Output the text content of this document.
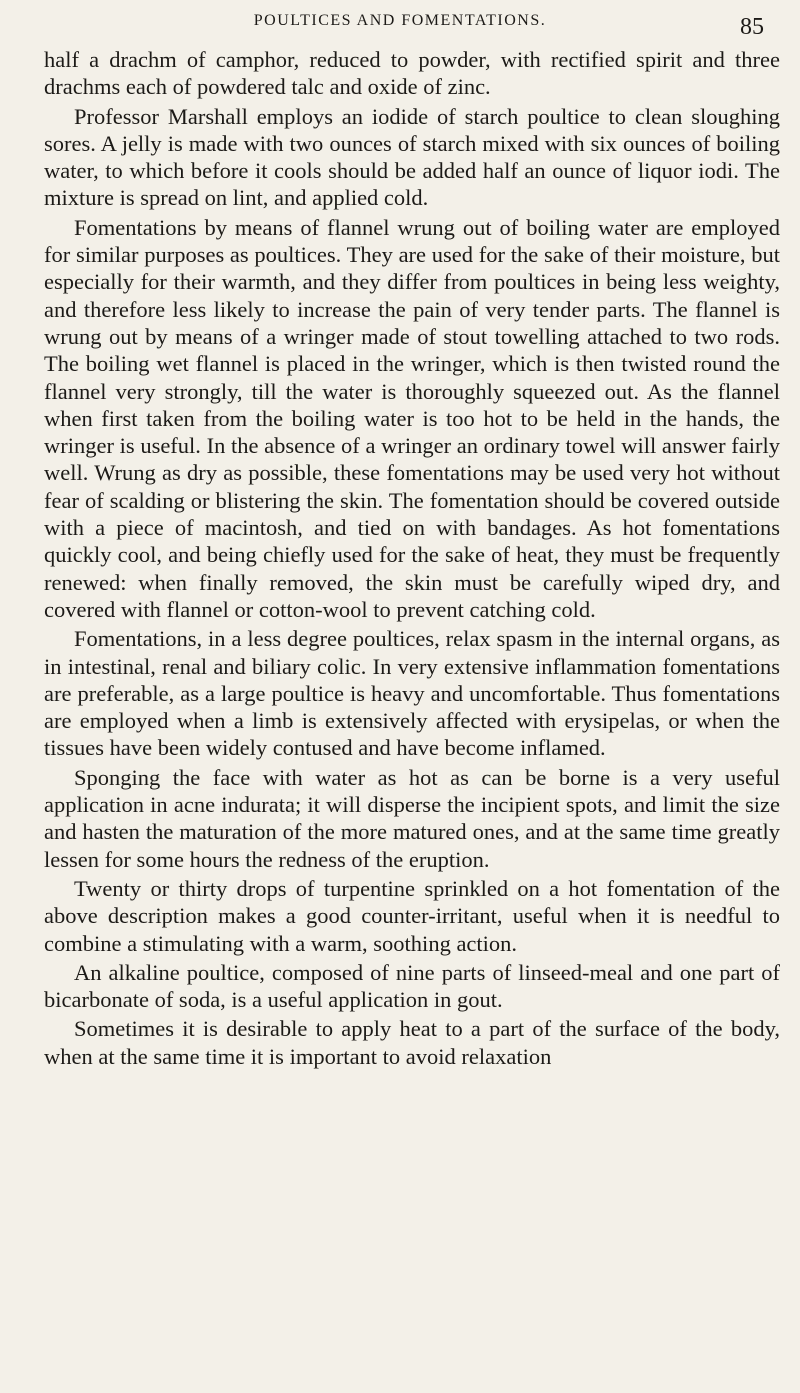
POULTICES AND FOMENTATIONS.	85

half a drachm of camphor, reduced to powder, with rectified spirit and three drachms each of powdered talc and oxide of zinc.

Professor Marshall employs an iodide of starch poultice to clean sloughing sores. A jelly is made with two ounces of starch mixed with six ounces of boiling water, to which before it cools should be added half an ounce of liquor iodi. The mixture is spread on lint, and applied cold.

Fomentations by means of flannel wrung out of boiling water are employed for similar purposes as poultices. They are used for the sake of their moisture, but especially for their warmth, and they differ from poultices in being less weighty, and therefore less likely to increase the pain of very tender parts. The flannel is wrung out by means of a wringer made of stout towelling attached to two rods. The boiling wet flannel is placed in the wringer, which is then twisted round the flannel very strongly, till the water is thoroughly squeezed out. As the flannel when first taken from the boiling water is too hot to be held in the hands, the wringer is useful. In the absence of a wringer an ordinary towel will answer fairly well. Wrung as dry as possible, these fomentations may be used very hot without fear of scalding or blistering the skin. The fomentation should be covered outside with a piece of macintosh, and tied on with bandages. As hot fomentations quickly cool, and being chiefly used for the sake of heat, they must be frequently renewed: when finally removed, the skin must be carefully wiped dry, and covered with flannel or cotton-wool to prevent catching cold.

Fomentations, in a less degree poultices, relax spasm in the internal organs, as in intestinal, renal and biliary colic. In very extensive inflammation fomentations are preferable, as a large poultice is heavy and uncomfortable. Thus fomentations are employed when a limb is extensively affected with erysipelas, or when the tissues have been widely contused and have become inflamed.

Sponging the face with water as hot as can be borne is a very useful application in acne indurata; it will disperse the incipient spots, and limit the size and hasten the maturation of the more matured ones, and at the same time greatly lessen for some hours the redness of the eruption.

Twenty or thirty drops of turpentine sprinkled on a hot fomentation of the above description makes a good counter-irritant, useful when it is needful to combine a stimulating with a warm, soothing action.

An alkaline poultice, composed of nine parts of linseed-meal and one part of bicarbonate of soda, is a useful application in gout.

Sometimes it is desirable to apply heat to a part of the surface of the body, when at the same time it is important to avoid relaxation
